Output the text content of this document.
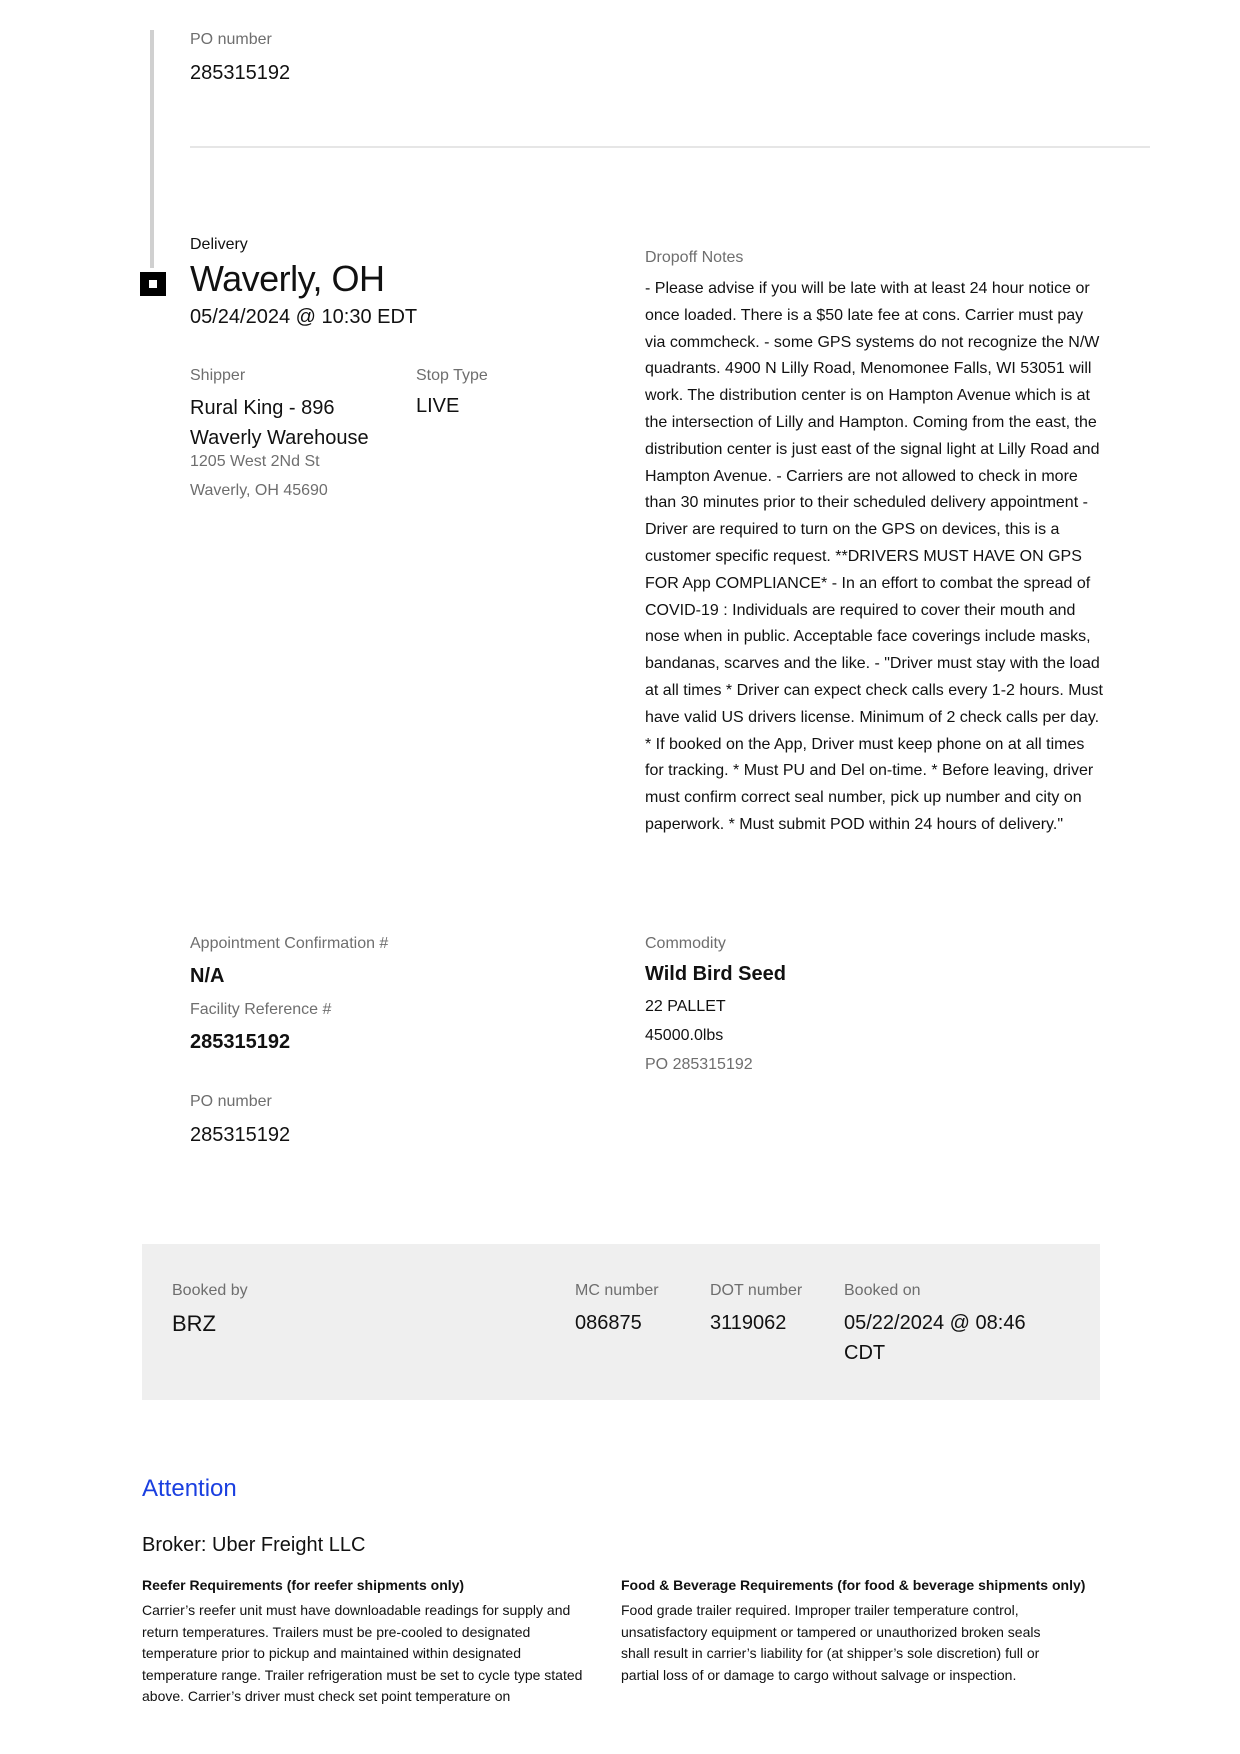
PO number
285315192
Delivery
Waverly, OH
05/24/2024 @ 10:30 EDT
Shipper
Rural King - 896 Waverly Warehouse
1205 West 2Nd St
Waverly, OH 45690
Stop Type
LIVE
Dropoff Notes
- Please advise if you will be late with at least 24 hour notice or once loaded. There is a $50 late fee at cons. Carrier must pay via commcheck. - some GPS systems do not recognize the N/W quadrants. 4900 N Lilly Road, Menomonee Falls, WI 53051 will work. The distribution center is on Hampton Avenue which is at the intersection of Lilly and Hampton. Coming from the east, the distribution center is just east of the signal light at Lilly Road and Hampton Avenue. - Carriers are not allowed to check in more than 30 minutes prior to their scheduled delivery appointment - Driver are required to turn on the GPS on devices, this is a customer specific request. **DRIVERS MUST HAVE ON GPS FOR App COMPLIANCE* - In an effort to combat the spread of COVID-19 : Individuals are required to cover their mouth and nose when in public. Acceptable face coverings include masks, bandanas, scarves and the like. - "Driver must stay with the load at all times * Driver can expect check calls every 1-2 hours. Must have valid US drivers license. Minimum of 2 check calls per day. * If booked on the App, Driver must keep phone on at all times for tracking. * Must PU and Del on-time. * Before leaving, driver must confirm correct seal number, pick up number and city on paperwork. * Must submit POD within 24 hours of delivery."
Appointment Confirmation #
N/A
Facility Reference #
285315192
PO number
285315192
Commodity
Wild Bird Seed
22 PALLET
45000.0lbs
PO 285315192
Booked by
BRZ
MC number
086875
DOT number
3119062
Booked on
05/22/2024 @ 08:46 CDT
Attention
Broker: Uber Freight LLC
Reefer Requirements (for reefer shipments only)
Carrier’s reefer unit must have downloadable readings for supply and return temperatures. Trailers must be pre-cooled to designated temperature prior to pickup and maintained within designated temperature range. Trailer refrigeration must be set to cycle type stated above. Carrier’s driver must check set point temperature on
Food & Beverage Requirements (for food & beverage shipments only)
Food grade trailer required. Improper trailer temperature control, unsatisfactory equipment or tampered or unauthorized broken seals shall result in carrier’s liability for (at shipper’s sole discretion) full or partial loss of or damage to cargo without salvage or inspection.
